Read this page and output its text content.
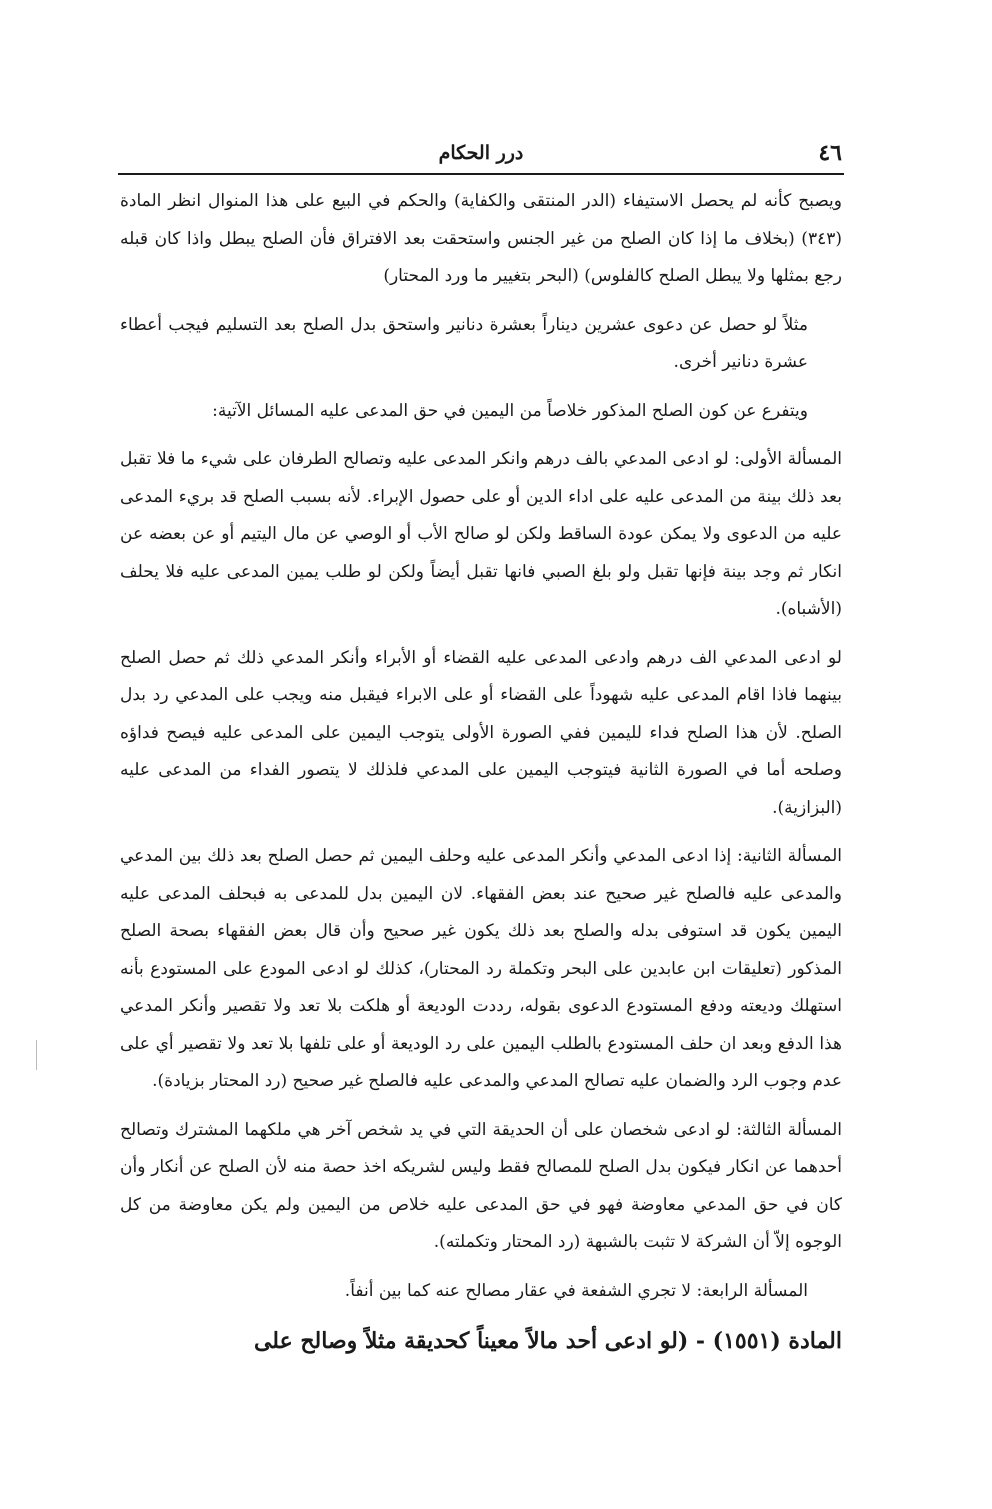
٤٦
درر الحكام

ويصبح كأنه لم يحصل الاستيفاء (الدر المنتقى والكفاية) والحكم في البيع على هذا المنوال انظر المادة (٣٤٣) (بخلاف ما إذا كان الصلح من غير الجنس واستحقت بعد الافتراق فأن الصلح يبطل واذا كان قبله رجع بمثلها ولا يبطل الصلح كالفلوس) (البحر بتغيير ما ورد المحتار)

مثلاً لو حصل عن دعوى عشرين ديناراً بعشرة دنانير واستحق بدل الصلح بعد التسليم فيجب أعطاء عشرة دنانير أخرى.

ويتفرع عن كون الصلح المذكور خلاصاً من اليمين في حق المدعى عليه المسائل الآتية:

المسألة الأولى: لو ادعى المدعي بالف درهم وانكر المدعى عليه وتصالح الطرفان على شيء ما فلا تقبل بعد ذلك بينة من المدعى عليه على اداء الدين أو على حصول الإبراء. لأنه بسبب الصلح قد بريء المدعى عليه من الدعوى ولا يمكن عودة الساقط ولكن لو صالح الأب أو الوصي عن مال اليتيم أو عن بعضه عن انكار ثم وجد بينة فإنها تقبل ولو بلغ الصبي فانها تقبل أيضاً ولكن لو طلب يمين المدعى عليه فلا يحلف (الأشباه).

لو ادعى المدعي الف درهم وادعى المدعى عليه القضاء أو الأبراء وأنكر المدعي ذلك ثم حصل الصلح بينهما فاذا اقام المدعى عليه شهوداً على القضاء أو على الابراء فيقبل منه ويجب على المدعي رد بدل الصلح. لأن هذا الصلح فداء لليمين ففي الصورة الأولى يتوجب اليمين على المدعى عليه فيصح فداؤه وصلحه أما في الصورة الثانية فيتوجب اليمين على المدعي فلذلك لا يتصور الفداء من المدعى عليه (البزازية).

المسألة الثانية: إذا ادعى المدعي وأنكر المدعى عليه وحلف اليمين ثم حصل الصلح بعد ذلك بين المدعي والمدعى عليه فالصلح غير صحيح عند بعض الفقهاء. لان اليمين بدل للمدعى به فبحلف المدعى عليه اليمين يكون قد استوفى بدله والصلح بعد ذلك يكون غير صحيح وأن قال بعض الفقهاء بصحة الصلح المذكور (تعليقات ابن عابدين على البحر وتكملة رد المحتار)، كذلك لو ادعى المودع على المستودع بأنه استهلك وديعته ودفع المستودع الدعوى بقوله، رددت الوديعة أو هلكت بلا تعد ولا تقصير وأنكر المدعي هذا الدفع وبعد ان حلف المستودع بالطلب اليمين على رد الوديعة أو على تلفها بلا تعد ولا تقصير أي على عدم وجوب الرد والضمان عليه تصالح المدعي والمدعى عليه فالصلح غير صحيح (رد المحتار بزيادة).

المسألة الثالثة: لو ادعى شخصان على أن الحديقة التي في يد شخص آخر هي ملكهما المشترك وتصالح أحدهما عن انكار فيكون بدل الصلح للمصالح فقط وليس لشريكه اخذ حصة منه لأن الصلح عن أنكار وأن كان في حق المدعي معاوضة فهو في حق المدعى عليه خلاص من اليمين ولم يكن معاوضة من كل الوجوه إلاّ أن الشركة لا تثبت بالشبهة (رد المحتار وتكملته).

المسألة الرابعة: لا تجري الشفعة في عقار مصالح عنه كما بين أنفاً.

المادة (١٥٥١) - (لو ادعى أحد مالاً معيناً كحديقة مثلاً وصالح على
